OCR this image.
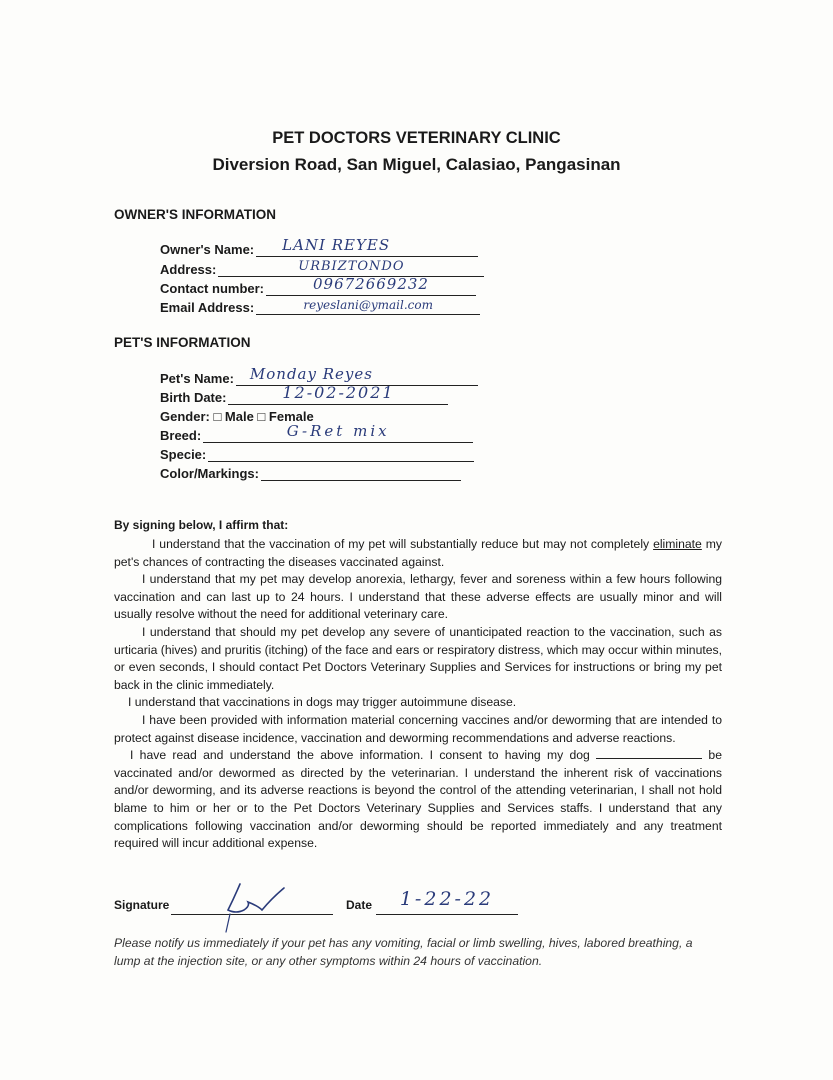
PET DOCTORS VETERINARY CLINIC
Diversion Road, San Miguel, Calasiao, Pangasinan
OWNER'S INFORMATION
Owner's Name:	LANI REYES
Address:	URBIZTONDO
Contact number:	09672669232
Email Address:	reyeslani@ymail.com
PET'S INFORMATION
Pet's Name:	Monday Reyes
Birth Date:	12-02-2021
Gender: □ Male □ Female
Breed:	G-Ret mix
Specie:
Color/Markings:
By signing below, I affirm that:

I understand that the vaccination of my pet will substantially reduce but may not completely eliminate my pet's chances of contracting the diseases vaccinated against.

I understand that my pet may develop anorexia, lethargy, fever and soreness within a few hours following vaccination and can last up to 24 hours. I understand that these adverse effects are usually minor and will usually resolve without the need for additional veterinary care.

I understand that should my pet develop any severe of unanticipated reaction to the vaccination, such as urticaria (hives) and pruritis (itching) of the face and ears or respiratory distress, which may occur within minutes, or even seconds, I should contact Pet Doctors Veterinary Supplies and Services for instructions or bring my pet back in the clinic immediately.

I understand that vaccinations in dogs may trigger autoimmune disease.

I have been provided with information material concerning vaccines and/or deworming that are intended to protect against disease incidence, vaccination and deworming recommendations and adverse reactions.

I have read and understand the above information. I consent to having my dog	be vaccinated and/or dewormed as directed by the veterinarian. I understand the inherent risk of vaccinations and/or deworming, and its adverse reactions is beyond the control of the attending veterinarian, I shall not hold blame to him or her or to the Pet Doctors Veterinary Supplies and Services staffs. I understand that any complications following vaccination and/or deworming should be reported immediately and any treatment required will incur additional expense.

Signature	Date	1-22-22
Please notify us immediately if your pet has any vomiting, facial or limb swelling, hives, labored breathing, a lump at the injection site, or any other symptoms within 24 hours of vaccination.
